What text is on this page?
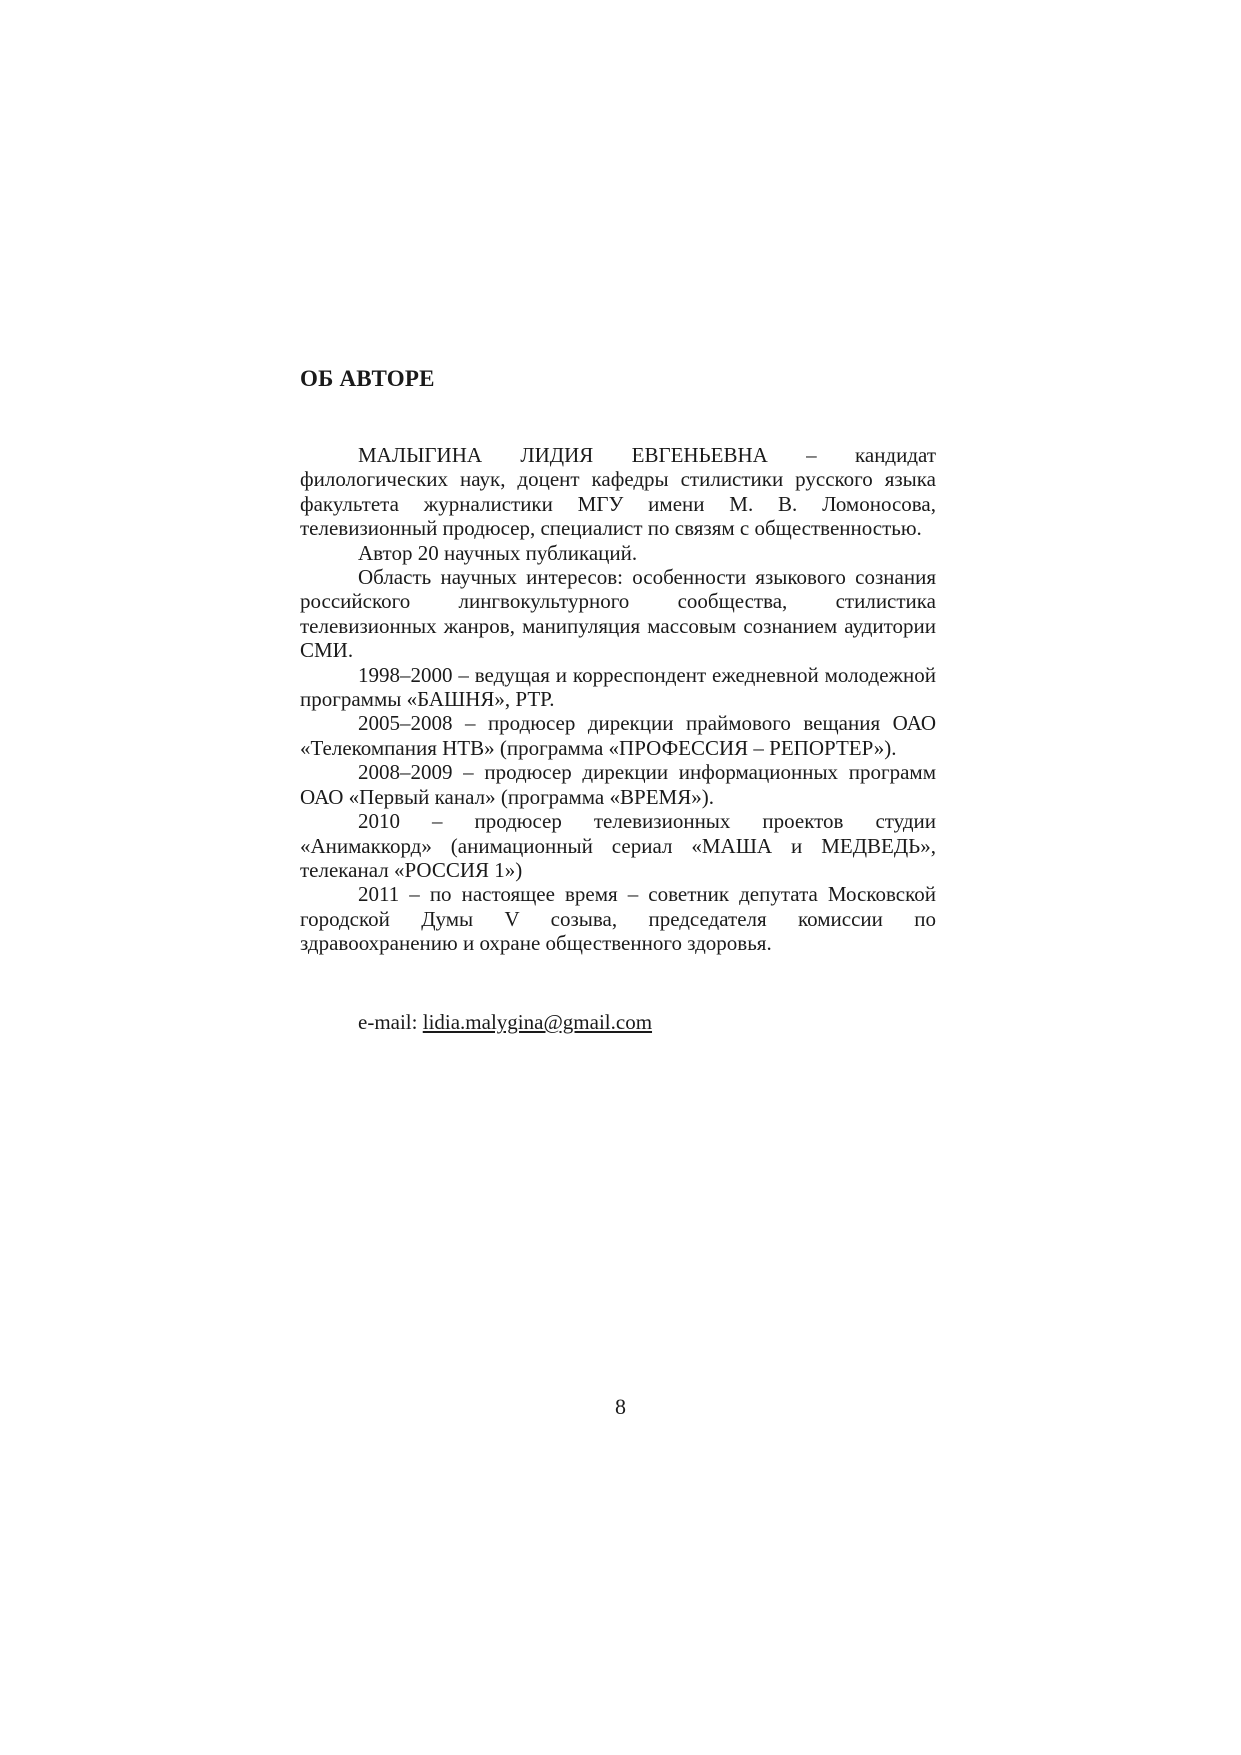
ОБ АВТОРЕ

МАЛЫГИНА ЛИДИЯ ЕВГЕНЬЕВНА – кандидат филологических наук, доцент кафедры стилистики русского языка факультета журналистики МГУ имени М. В. Ломоносова, телевизионный продюсер, специалист по связям с общественностью.

Автор 20 научных публикаций.

Область научных интересов: особенности языкового сознания российского лингвокультурного сообщества, стилистика телевизионных жанров, манипуляция массовым сознанием аудитории СМИ.

1998–2000 – ведущая и корреспондент ежедневной молодежной программы «БАШНЯ», РТР.

2005–2008 – продюсер дирекции праймового вещания ОАО «Телекомпания НТВ» (программа «ПРОФЕССИЯ – РЕПОРТЕР»).

2008–2009 – продюсер дирекции информационных программ ОАО «Первый канал» (программа «ВРЕМЯ»).

2010 – продюсер телевизионных проектов студии «Анимаккорд» (анимационный сериал «МАША и МЕДВЕДЬ», телеканал «РОССИЯ 1»)

2011 – по настоящее время – советник депутата Московской городской Думы V созыва, председателя комиссии по здравоохранению и охране общественного здоровья.

e-mail: lidia.malygina@gmail.com
8
